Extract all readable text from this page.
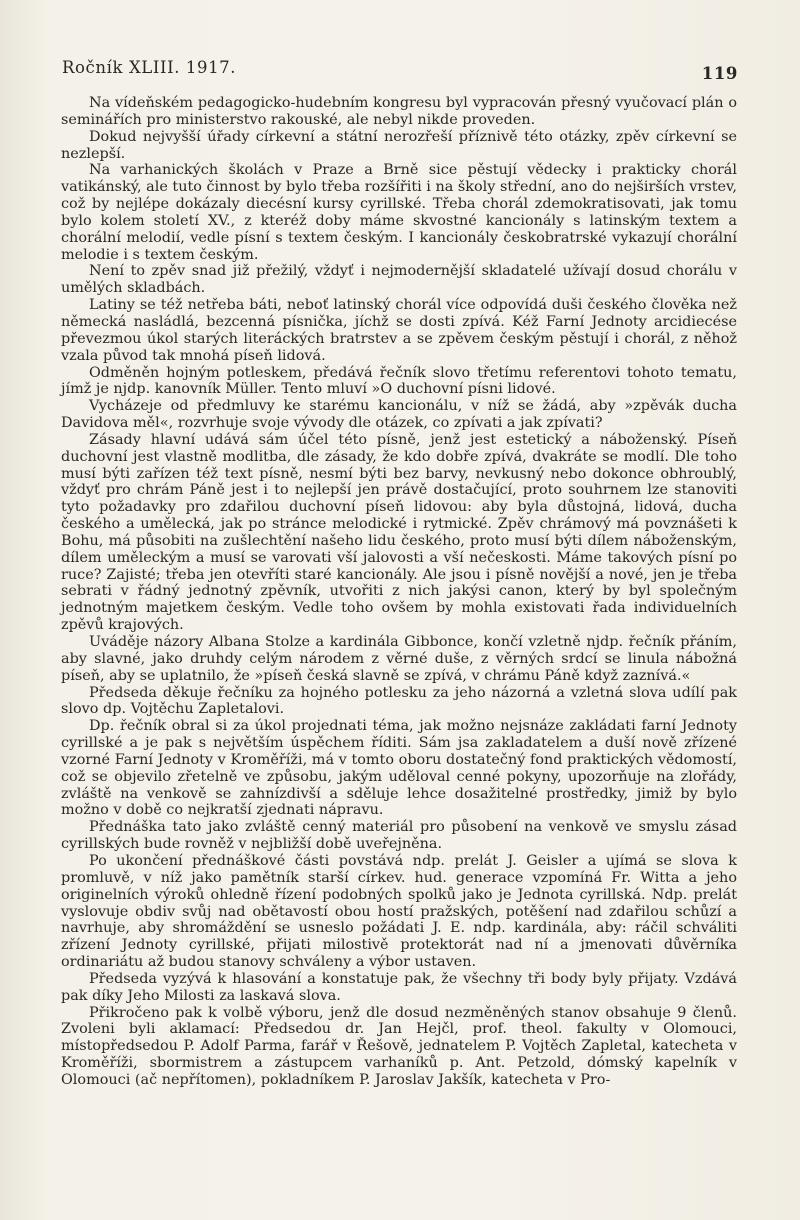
Ročník XLIII. 1917.	119

Na vídeňském pedagogicko-hudebním kongresu byl vypracován přesný vyučovací plán o seminářích pro ministerstvo rakouské, ale nebyl nikde proveden.

Dokud nejvyšší úřady církevní a státní nerozřeší příznivě této otázky, zpěv církevní se nezlepší.

Na varhanických školách v Praze a Brně sice pěstují vědecky i prakticky chorál vatikánský, ale tuto činnost by bylo třeba rozšířiti i na školy střední, ano do nejširších vrstev, což by nejlépe dokázaly diecésní kursy cyrillské. Třeba chorál zdemokratisovati, jak tomu bylo kolem století XV., z kteréž doby máme skvostné kancionály s latinským textem a chorální melodií, vedle písní s textem českým. I kancionály českobratrské vykazují chorální melodie i s textem českým.

Není to zpěv snad již přežilý, vždyť i nejmodernější skladatelé užívají dosud chorálu v umělých skladbách.

Latiny se též netřeba báti, neboť latinský chorál více odpovídá duši českého člověka než německá nasládlá, bezcenná písnička, jíchž se dosti zpívá. Kéž Farní Jednoty arcidiecése převezmou úkol starých literáckých bratrstev a se zpěvem českým pěstují i chorál, z něhož vzala původ tak mnohá píseň lidová.

Odměněn hojným potleskem, předává řečník slovo třetímu referentovi tohoto tematu, jímž je njdp. kanovník Müller. Tento mluví »O duchovní písni lidové.

Vycházeje od předmluvy ke starému kancionálu, v níž se žádá, aby »zpěvák ducha Davidova měl«, rozvrhuje svoje vývody dle otázek, co zpívati a jak zpívati?

Zásady hlavní udává sám účel této písně, jenž jest estetický a náboženský. Píseň duchovní jest vlastně modlitba, dle zásady, že kdo dobře zpívá, dvakráte se modlí. Dle toho musí býti zařízen též text písně, nesmí býti bez barvy, nevkusný nebo dokonce obhroublý, vždyť pro chrám Páně jest i to nejlepší jen právě dostačující, proto souhrnem lze stanoviti tyto požadavky pro zdařilou duchovní píseň lidovou: aby byla důstojná, lidová, ducha českého a umělecká, jak po stránce melodické i rytmické. Zpěv chrámový má povznášeti k Bohu, má působiti na zušlechtění našeho lidu českého, proto musí býti dílem náboženským, dílem uměleckým a musí se varovati vší jalovosti a vší nečeskosti. Máme takových písní po ruce? Zajisté; třeba jen otevříti staré kancionály. Ale jsou i písně novější a nové, jen je třeba sebrati v řádný jednotný zpěvník, utvořiti z nich jakýsi canon, který by byl společným jednotným majetkem českým. Vedle toho ovšem by mohla existovati řada individuelních zpěvů krajových.

Uváděje názory Albana Stolze a kardinála Gibbonce, končí vzletně njdp. řečník přáním, aby slavné, jako druhdy celým národem z věrné duše, z věrných srdcí se linula nábožná píseň, aby se uplatnilo, že »píseň česká slavně se zpívá, v chrámu Páně když zaznívá.«

Předseda děkuje řečníku za hojného potlesku za jeho názorná a vzletná slova udílí pak slovo dp. Vojtěchu Zapletalovi.

Dp. řečník obral si za úkol projednati téma, jak možno nejsnáze zakládati farní Jednoty cyrillské a je pak s největším úspěchem říditi. Sám jsa zakladatelem a duší nově zřízené vzorné Farní Jednoty v Kroměříži, má v tomto oboru dostatečný fond praktických vědomostí, což se objevilo zřetelně ve způsobu, jakým uděloval cenné pokyny, upozorňuje na zlořády, zvláště na venkově se zahnízdivší a sděluje lehce dosažitelné prostředky, jimiž by bylo možno v době co nejkratší zjednati nápravu.

Přednáška tato jako zvláště cenný materiál pro působení na venkově ve smyslu zásad cyrillských bude rovněž v nejbližší době uveřejněna.

Po ukončení přednáškové části povstává ndp. prelát J. Geisler a ujímá se slova k promluvě, v níž jako pamětník starší církev. hud. generace vzpomíná Fr. Witta a jeho originelních výroků ohledně řízení podobných spolků jako je Jednota cyrillská. Ndp. prelát vyslovuje obdiv svůj nad obětavostí obou hostí pražských, potěšení nad zdařilou schůzí a navrhuje, aby shromáždění se usneslo požádati J. E. ndp. kardinála, aby: ráčil schváliti zřízení Jednoty cyrillské, přijati milostivě protektorát nad ní a jmenovati důvěrníka ordinariátu až budou stanovy schváleny a výbor ustaven.

Předseda vyzývá k hlasování a konstatuje pak, že všechny tři body byly přijaty. Vzdává pak díky Jeho Milosti za laskavá slova.

Přikročeno pak k volbě výboru, jenž dle dosud nezměněných stanov obsahuje 9 členů. Zvoleni byli aklamací: Předsedou dr. Jan Hejčl, prof. theol. fakulty v Olomouci, místopředsedou P. Adolf Parma, farář v Řešově, jednatelem P. Vojtěch Zapletal, katecheta v Kroměříži, sbormistrem a zástupcem varhaníků p. Ant. Petzold, dómský kapelník v Olomouci (ač nepřítomen), pokladníkem P. Jaroslav Jakšík, katecheta v Pro-
